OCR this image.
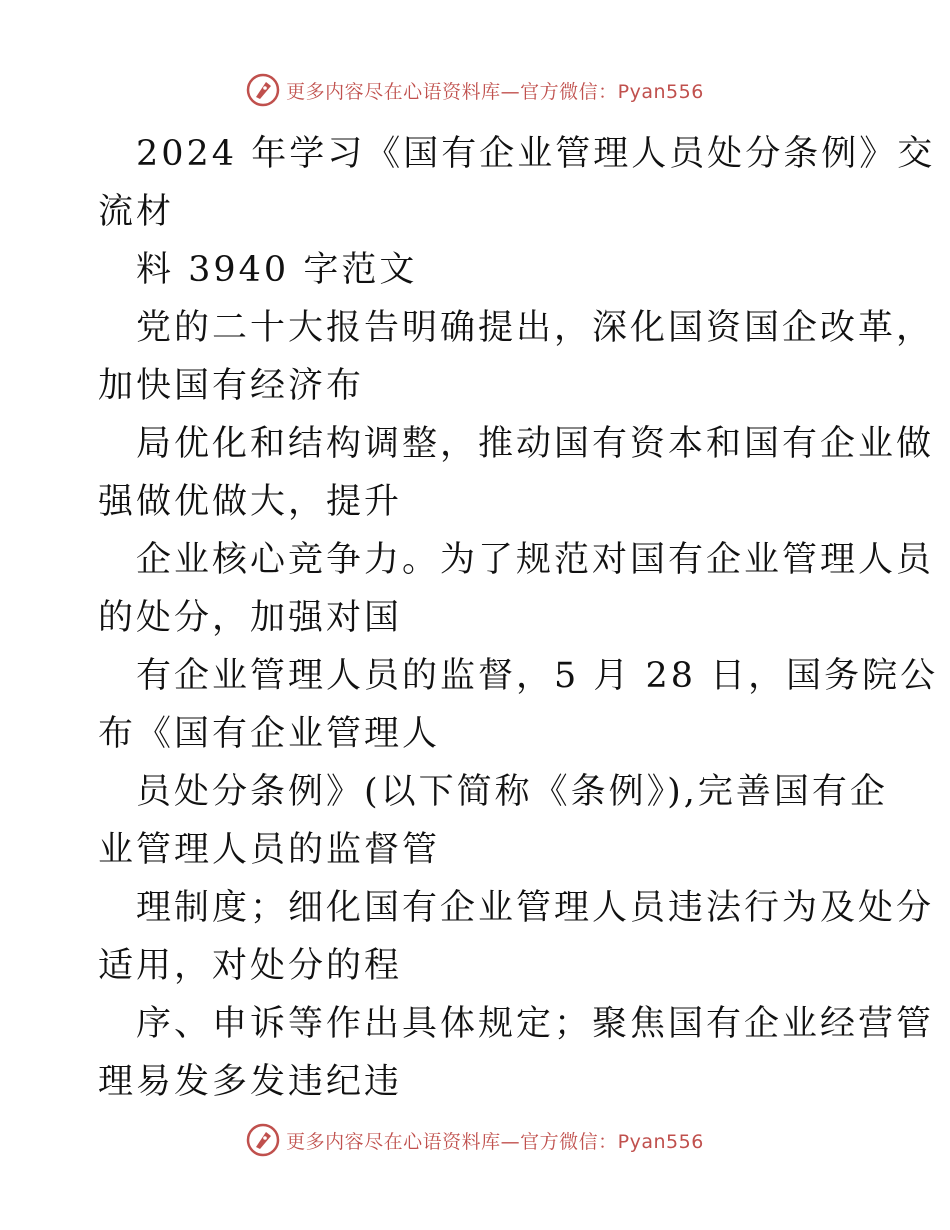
更多内容尽在心语资料库—官方微信：Pyan556
2024 年学习《国有企业管理人员处分条例》交
流材
料 3940 字范文
党的二十大报告明确提出，深化国资国企改革，
加快国有经济布
局优化和结构调整，推动国有资本和国有企业做
强做优做大，提升
企业核心竞争力。为了规范对国有企业管理人员
的处分，加强对国
有企业管理人员的监督，5 月 28 日，国务院公
布《国有企业管理人
员处分条例》(以下简称《条例》),完善国有企
业管理人员的监督管
理制度；细化国有企业管理人员违法行为及处分
适用，对处分的程
序、申诉等作出具体规定；聚焦国有企业经营管
理易发多发违纪违
更多内容尽在心语资料库—官方微信：Pyan556
